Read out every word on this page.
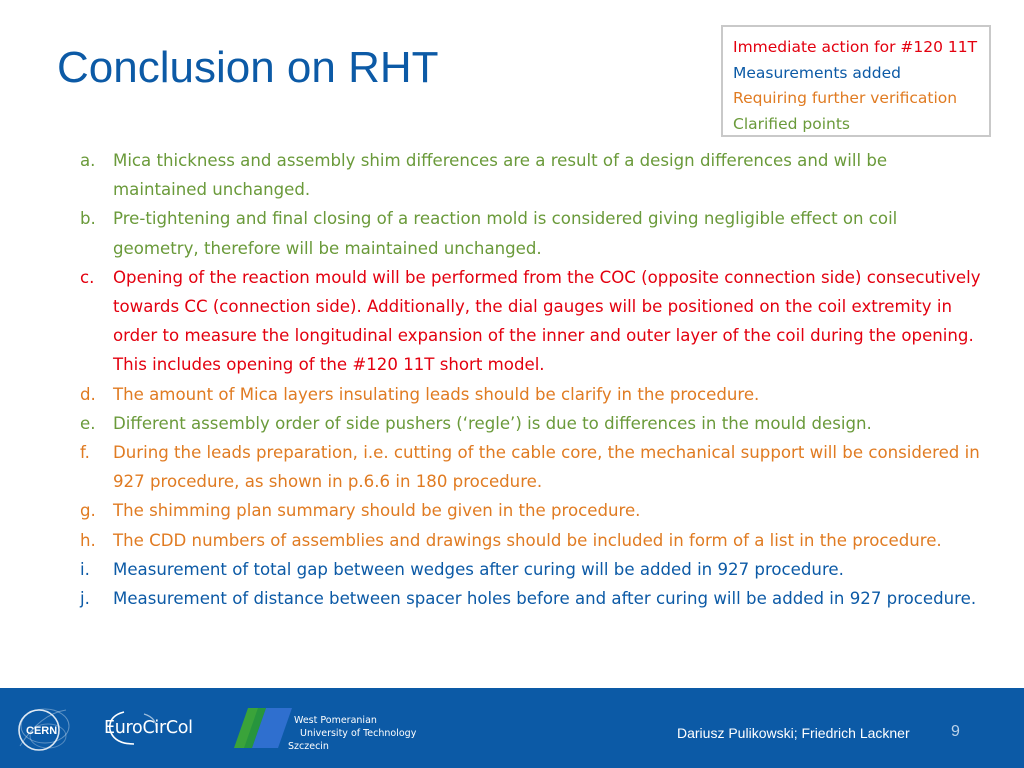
Conclusion on RHT	Immediate action for #120 11T
Measurements added
Requiring further verification
Clarified points
a.	Mica thickness and assembly shim differences are a result of a design differences and will be maintained unchanged.
b.	Pre-tightening and final closing of a reaction mold is considered giving negligible effect on coil geometry, therefore will be maintained unchanged.
c.	Opening of the reaction mould will be performed from the COC (opposite connection side) consecutively towards CC (connection side). Additionally, the dial gauges will be positioned on the coil extremity in order to measure the longitudinal expansion of the inner and outer layer of the coil during the opening. This includes opening of the #120 11T short model.
d.	The amount of Mica layers insulating leads should be clarify in the procedure.
e.	Different assembly order of side pushers (‘regle’) is due to differences in the mould design.
f.	During the leads preparation, i.e. cutting of the cable core, the mechanical support will be considered in 927 procedure, as shown in p.6.6 in 180 procedure.
g.	The shimming plan summary should be given in the procedure.
h.	The CDD numbers of assemblies and drawings should be included in form of a list in the procedure.
i.	Measurement of total gap between wedges after curing will be added in 927 procedure.
j.	Measurement of distance between spacer holes before and after curing will be added in 927 procedure.
CERN	EuroCirCol	West Pomeranian
University of Technology
Szczecin
Dariusz Pulikowski; Friedrich Lackner	9
